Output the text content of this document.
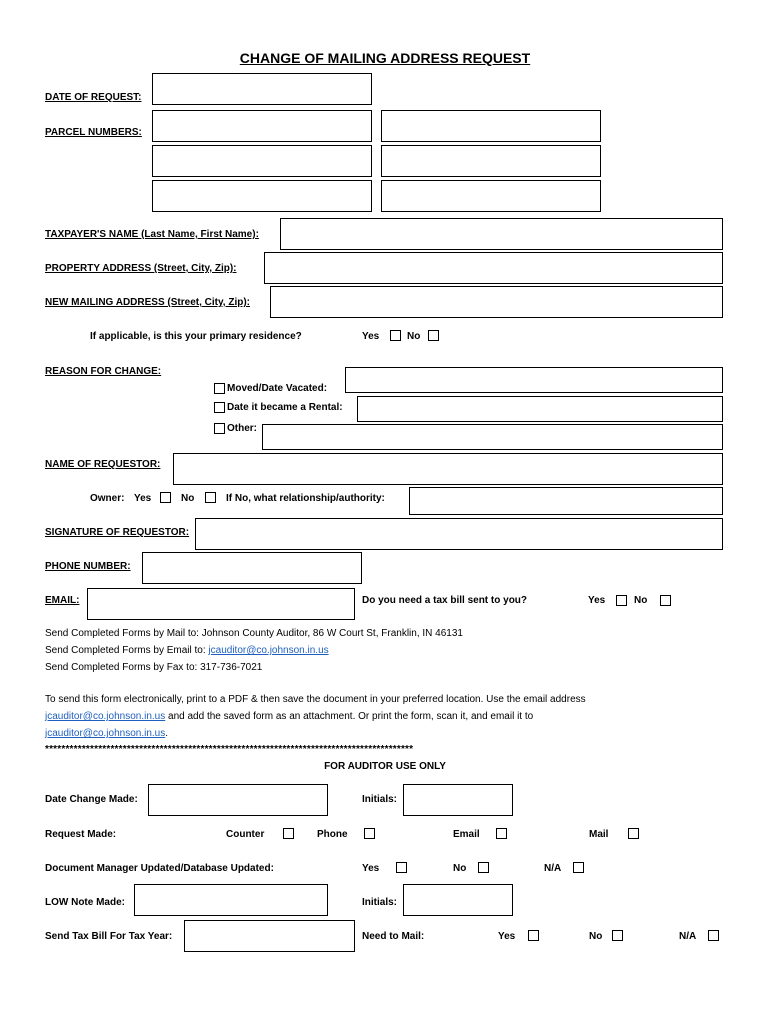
CHANGE OF MAILING ADDRESS REQUEST
DATE OF REQUEST:
PARCEL NUMBERS:
TAXPAYER'S NAME (Last Name, First Name):
PROPERTY ADDRESS (Street, City, Zip):
NEW MAILING ADDRESS (Street, City, Zip):
If applicable, is this your primary residence?	Yes	No
REASON FOR CHANGE:
Moved/Date Vacated:
Date it became a Rental:
Other:
NAME OF REQUESTOR:
Owner: Yes	No	If No, what relationship/authority:
SIGNATURE OF REQUESTOR:
PHONE NUMBER:
EMAIL:	Do you need a tax bill sent to you?	Yes	No
Send Completed Forms by Mail to: Johnson County Auditor, 86 W Court St, Franklin, IN 46131
Send Completed Forms by Email to: jcauditor@co.johnson.in.us
Send Completed Forms by Fax to: 317-736-7021
To send this form electronically, print to a PDF & then save the document in your preferred location. Use the email address
jcauditor@co.johnson.in.us and add the saved form as an attachment. Or print the form, scan it, and email it to
jcauditor@co.johnson.in.us.
******************************************************************************************
FOR AUDITOR USE ONLY
Date Change Made:	Initials:
Request Made:	Counter	Phone	Email	Mail
Document Manager Updated/Database Updated:	Yes	No	N/A
LOW Note Made:	Initials:
Send Tax Bill For Tax Year:	Need to Mail:	Yes	No	N/A
